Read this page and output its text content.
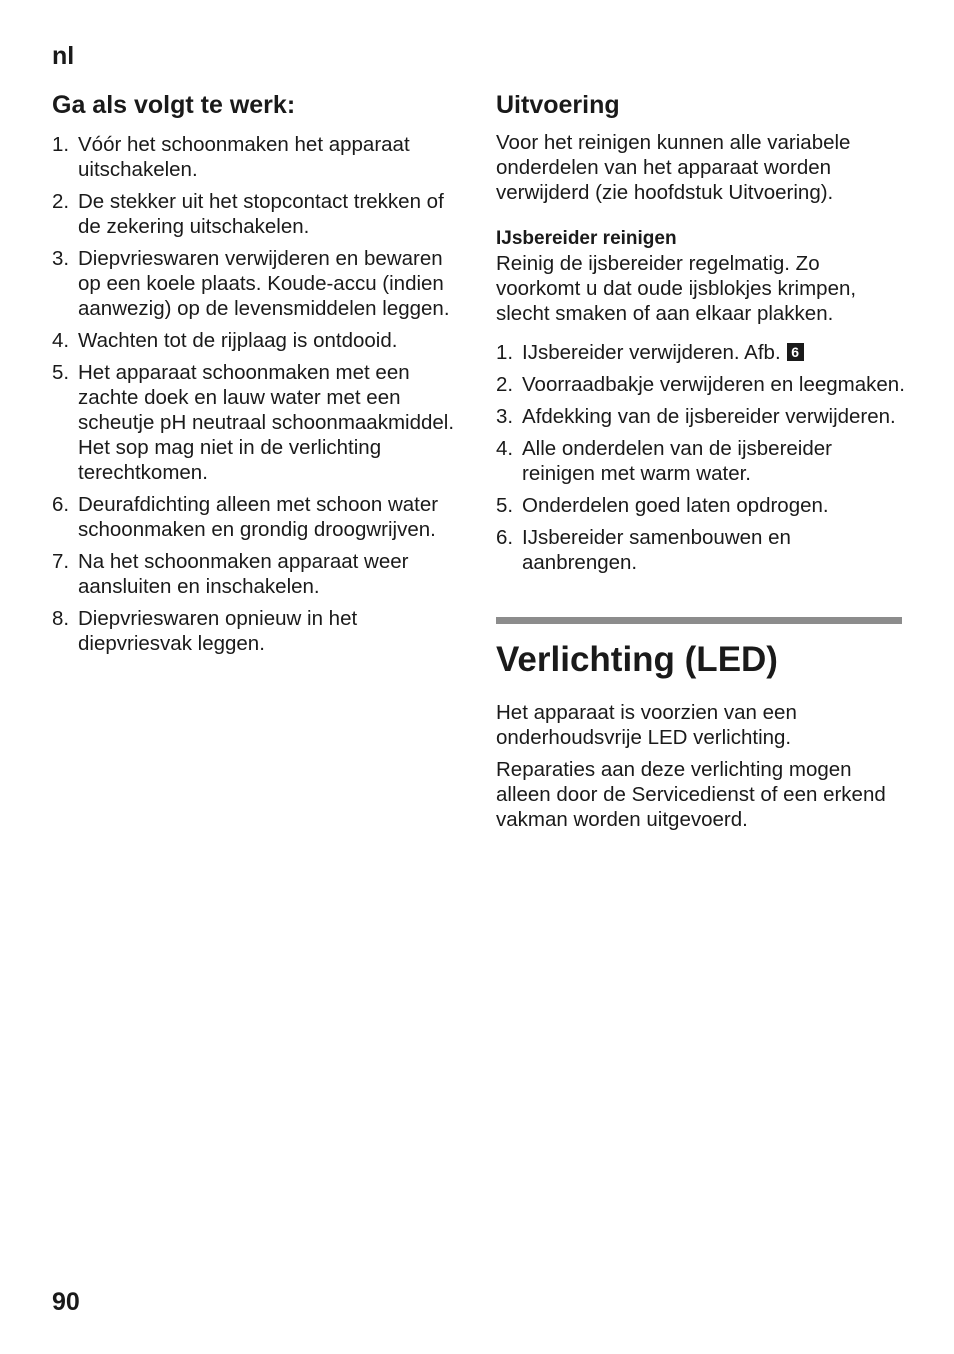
nl
Ga als volgt te werk:
1. Vóór het schoonmaken het apparaat uitschakelen.
2. De stekker uit het stopcontact trekken of de zekering uitschakelen.
3. Diepvrieswaren verwijderen en bewaren op een koele plaats. Koude-accu (indien aanwezig) op de levensmiddelen leggen.
4. Wachten tot de rijplaag is ontdooid.
5. Het apparaat schoonmaken met een zachte doek en lauw water met een scheutje pH neutraal schoonmaakmiddel. Het sop mag niet in de verlichting terechtkomen.
6. Deurafdichting alleen met schoon water schoonmaken en grondig droogwrijven.
7. Na het schoonmaken apparaat weer aansluiten en inschakelen.
8. Diepvrieswaren opnieuw in het diepvriesvak leggen.
Uitvoering

Voor het reinigen kunnen alle variabele onderdelen van het apparaat worden verwijderd (zie hoofdstuk Uitvoering).

IJsbereider reinigen

Reinig de ijsbereider regelmatig. Zo voorkomt u dat oude ijsblokjes krimpen, slecht smaken of aan elkaar plakken.

1. IJsbereider verwijderen. Afb. 6
2. Voorraadbakje verwijderen en leegmaken.
3. Afdekking van de ijsbereider verwijderen.
4. Alle onderdelen van de ijsbereider reinigen met warm water.
5. Onderdelen goed laten opdrogen.
6. IJsbereider samenbouwen en aanbrengen.
Verlichting (LED)

Het apparaat is voorzien van een onderhoudsvrije LED verlichting.

Reparaties aan deze verlichting mogen alleen door de Servicedienst of een erkend vakman worden uitgevoerd.

90
